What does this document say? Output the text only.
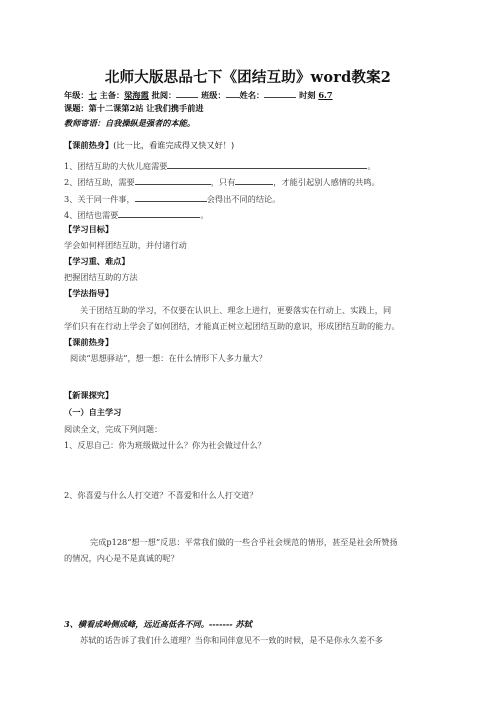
北师大版思品七下《团结互助》word教案2
年级：七 主备：梁海霞 批阅：	班级： 姓名：	时刻 6.7
课题：第十二课第2站 让我们携手前进
教师寄语：自我操纵是强者的本能。
【课前热身】(比一比，看谁完成得又快又好！)
1、团结互助的大伙儿庭需要	。
2、团结互助，需要	，只有	，才能引起别人感情的共鸣。
3、关于同一件事，	会得出不同的结论。
4、团结也需要	。
【学习目标】
学会如何样团结互助，并付诸行动
【学习重、难点】
把握团结互助的方法
【学法指导】
关于团结互助的学习，不仅要在认识上、理念上进行，更要落实在行动上、实践上，同
学们只有在行动上学会了如何团结，才能真正树立起团结互助的意识，形成团结互助的能力。
【课前热身】
阅读“思想驿站”，想一想：在什么情形下人多力量大？
【新课探究】
（一）自主学习
阅读全文，完成下列问题：
1、反思自己：你为班级做过什么？你为社会做过什么？
2、你喜爱与什么人打交道？不喜爱和什么人打交道？
完成p128“想一想”反思：平常我们做的一些合乎社会规范的情形，甚至是社会所赞扬
的情况，内心是不是真诚的呢？
3、横看成岭侧成峰，远近高低各不同。------- 苏轼
苏轼的话告诉了我们什么道理？当你和同伴意见不一致的时候，是不是你永久差不多
